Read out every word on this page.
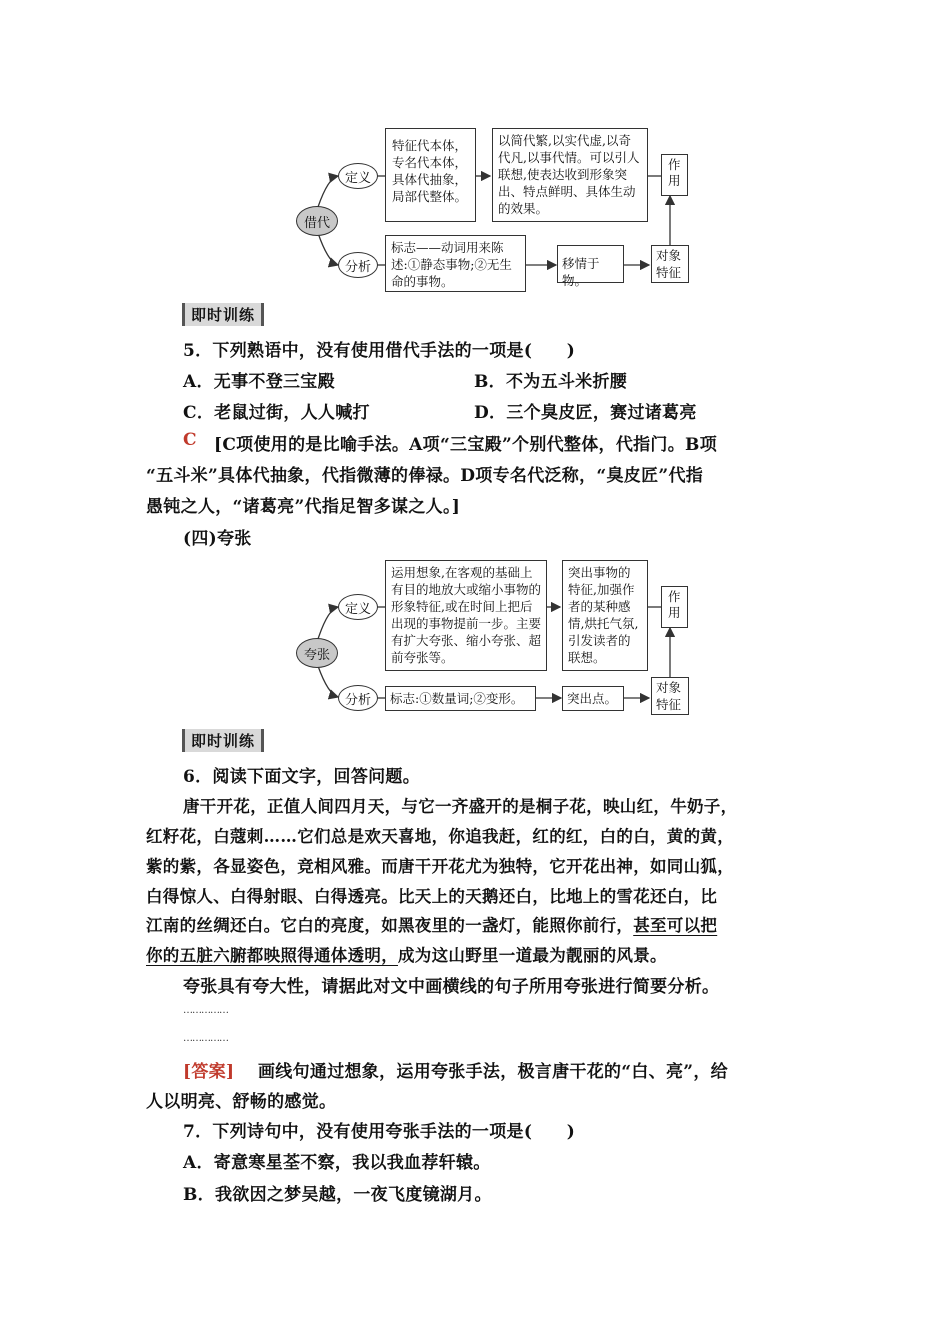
借代
定义
分析
特征代本体，专名代本体，具体代抽象，局部代整体。
以简代繁,以实代虚,以奇代凡,以事代情。可以引人联想,使表达收到形象突出、特点鲜明、具体生动的效果。
作用
标志——动词用来陈述:①静态事物;②无生命的事物。
移情于物。
对象特征
即时训练
5．下列熟语中，没有使用借代手法的一项是(　　)
A．无事不登三宝殿	B．不为五斗米折腰
C．老鼠过街，人人喊打	D．三个臭皮匠，赛过诸葛亮
C [C项使用的是比喻手法。A项“三宝殿”个别代整体，代指门。B项
“五斗米”具体代抽象，代指微薄的俸禄。D项专名代泛称，“臭皮匠”代指
愚钝之人，“诸葛亮”代指足智多谋之人。]
(四)夸张
夸张
定义
分析
运用想象,在客观的基础上有目的地放大或缩小事物的形象特征,或在时间上把后出现的事物提前一步。主要有扩大夸张、缩小夸张、超前夸张等。
突出事物的特征,加强作者的某种感情,烘托气氛,引发读者的联想。
作用
标志:①数量词;②变形。	突出点。
对象特征
即时训练
6．阅读下面文字，回答问题。
唐干开花，正值人间四月天，与它一齐盛开的是桐子花，映山红，牛奶子，
红籽花，白蔻刺……它们总是欢天喜地，你追我赶，红的红，白的白，黄的黄，
紫的紫，各显姿色，竞相风雅。而唐干开花尤为独特，它开花出神，如同山狐，
白得惊人、白得射眼、白得透亮。比天上的天鹅还白，比地上的雪花还白，比
江南的丝绸还白。它白的亮度，如黑夜里的一盏灯，能照你前行，甚至可以把
你的五脏六腑都映照得通体透明，成为这山野里一道最为靓丽的风景。
夸张具有夸大性，请据此对文中画横线的句子所用夸张进行简要分析。
……………
……………
[答案] 画线句通过想象，运用夸张手法，极言唐干花的“白、亮”，给
人以明亮、舒畅的感觉。
7．下列诗句中，没有使用夸张手法的一项是(　　)
A．寄意寒星荃不察，我以我血荐轩辕。
B．我欲因之梦吴越，一夜飞度镜湖月。
